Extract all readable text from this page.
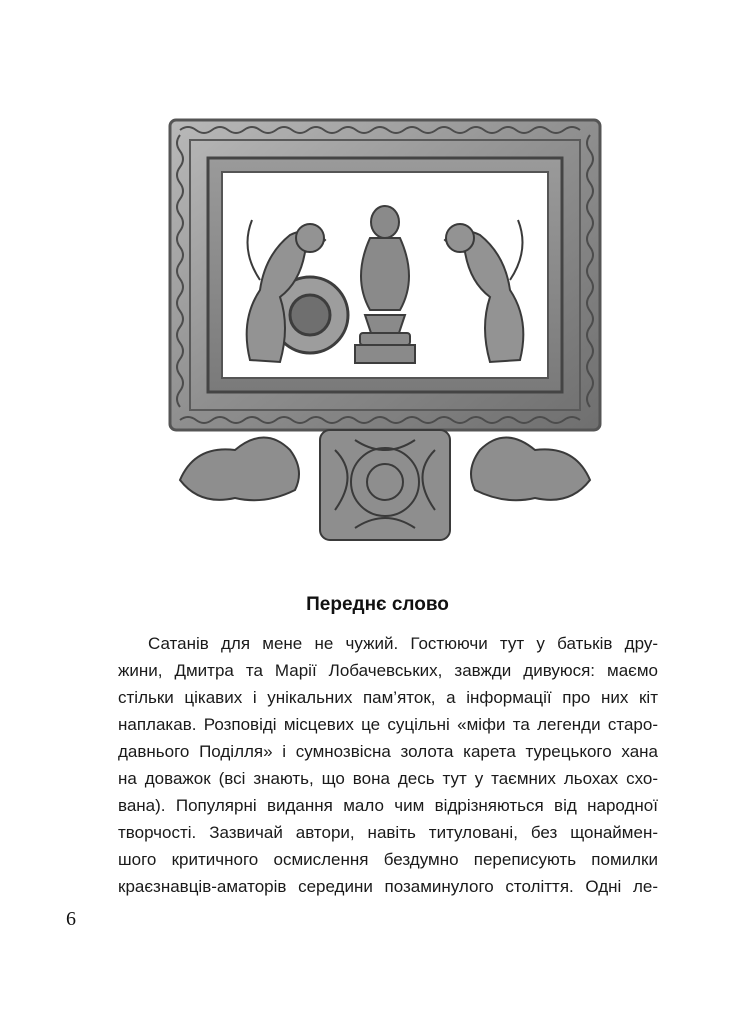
Переднє слово
Сатанів для мене не чужий. Гостюючи тут у батьків дру-
жини, Дмитра та Марії Лобачевських, завжди дивуюся: маємо
стільки цікавих і унікальних пам’яток, а інформації про них кіт
наплакав. Розповіді місцевих це суцільні «міфи та легенди старо-
давнього Поділля» і сумнозвісна золота карета турецького хана
на доважок (всі знають, що вона десь тут у таємних льохах схо-
вана). Популярні видання мало чим відрізняються від народної
творчості. Зазвичай автори, навіть титуловані, без щонаймен-
шого критичного осмислення бездумно переписують помилки
краєзнавців-аматорів середини позаминулого століття. Одні ле-
6
